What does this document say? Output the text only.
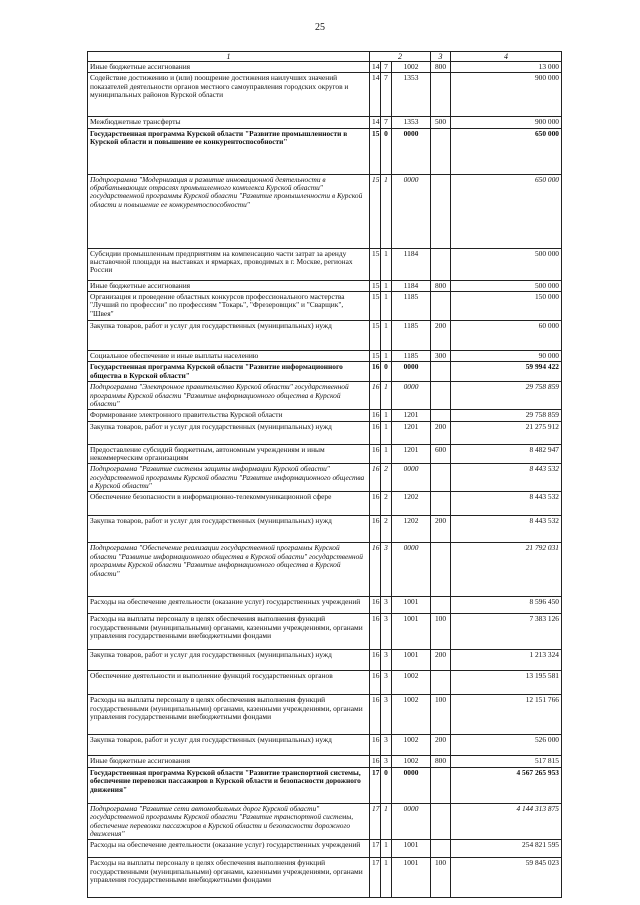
25
1	2			3	4
Иные бюджетные ассигнования	14	7	1002	800	13 000
Содействие достижению и (или) поощрение достижения наилучших значений показателей деятельности органов местного самоуправления городских округов и муниципальных районов Курской области	14	7	1353		900 000
Межбюджетные трансферты	14	7	1353	500	900 000
Государственная программа Курской области "Развитие промышленности в Курской области и повышение ее конкурентоспособности"	15	0	0000		650 000
Подпрограмма "Модернизация и развитие инновационной деятельности в обрабатывающих отраслях промышленного комплекса Курской области" государственной программы Курской области "Развитие промышленности в Курской области и повышение ее конкурентоспособности"	15	1	0000		650 000
Субсидии промышленным предприятиям на компенсацию части затрат за аренду выставочной площади на выставках и ярмарках, проводимых в г. Москве, регионах России	15	1	1184		500 000
Иные бюджетные ассигнования	15	1	1184	800	500 000
Организация и проведение областных конкурсов профессионального мастерства "Лучший по профессии" по профессиям "Токарь", "Фрезеровщик" и "Сварщик", "Швея"	15	1	1185		150 000
Закупка товаров, работ и услуг для государственных (муниципальных) нужд	15	1	1185	200	60 000
Социальное обеспечение и иные выплаты населению	15	1	1185	300	90 000
Государственная программа Курской области "Развитие информационного общества в Курской области"	16	0	0000		59 994 422
Подпрограмма "Электронное правительство Курской области" государственной программы Курской области "Развитие информационного общества в Курской области"	16	1	0000		29 758 859
Формирование электронного правительства Курской области	16	1	1201		29 758 859
Закупка товаров, работ и услуг для государственных (муниципальных) нужд	16	1	1201	200	21 275 912
Предоставление субсидий бюджетным, автономным учреждениям и иным некоммерческим организациям	16	1	1201	600	8 482 947
Подпрограмма "Развитие системы защиты информации Курской области" государственной программы Курской области "Развитие информационного общества в Курской области"	16	2	0000		8 443 532
Обеспечение безопасности в информационно-телекоммуникационной сфере	16	2	1202		8 443 532
Закупка товаров, работ и услуг для государственных (муниципальных) нужд	16	2	1202	200	8 443 532
Подпрограмма "Обеспечение реализации государственной программы Курской области "Развитие информационного общества в Курской области" государственной программы Курской области "Развитие информационного общества в Курской области"	16	3	0000		21 792 031
Расходы на обеспечение деятельности (оказание услуг) государственных учреждений	16	3	1001		8 596 450
Расходы на выплаты персоналу в целях обеспечения выполнения функций государственными (муниципальными) органами, казенными учреждениями, органами управления государственными внебюджетными фондами	16	3	1001	100	7 383 126
Закупка товаров, работ и услуг для государственных (муниципальных) нужд	16	3	1001	200	1 213 324
Обеспечение деятельности и выполнение функций государственных органов	16	3	1002		13 195 581
Расходы на выплаты персоналу в целях обеспечения выполнения функций государственными (муниципальными) органами, казенными учреждениями, органами управления государственными внебюджетными фондами	16	3	1002	100	12 151 766
Закупка товаров, работ и услуг для государственных (муниципальных) нужд	16	3	1002	200	526 000
Иные бюджетные ассигнования	16	3	1002	800	517 815
Государственная программа Курской области "Развитие транспортной системы, обеспечение перевозки пассажиров в Курской области и безопасности дорожного движения"	17	0	0000		4 567 265 953
Подпрограмма "Развитие сети автомобильных дорог Курской области" государственной программы Курской области "Развитие транспортной системы, обеспечение перевозки пассажиров в Курской области и безопасности дорожного движения"	17	1	0000		4 144 313 875
Расходы на обеспечение деятельности (оказание услуг) государственных учреждений	17	1	1001		254 821 595
Расходы на выплаты персоналу в целях обеспечения выполнения функций государственными (муниципальными) органами, казенными учреждениями, органами управления государственными внебюджетными фондами	17	1	1001	100	59 845 023
